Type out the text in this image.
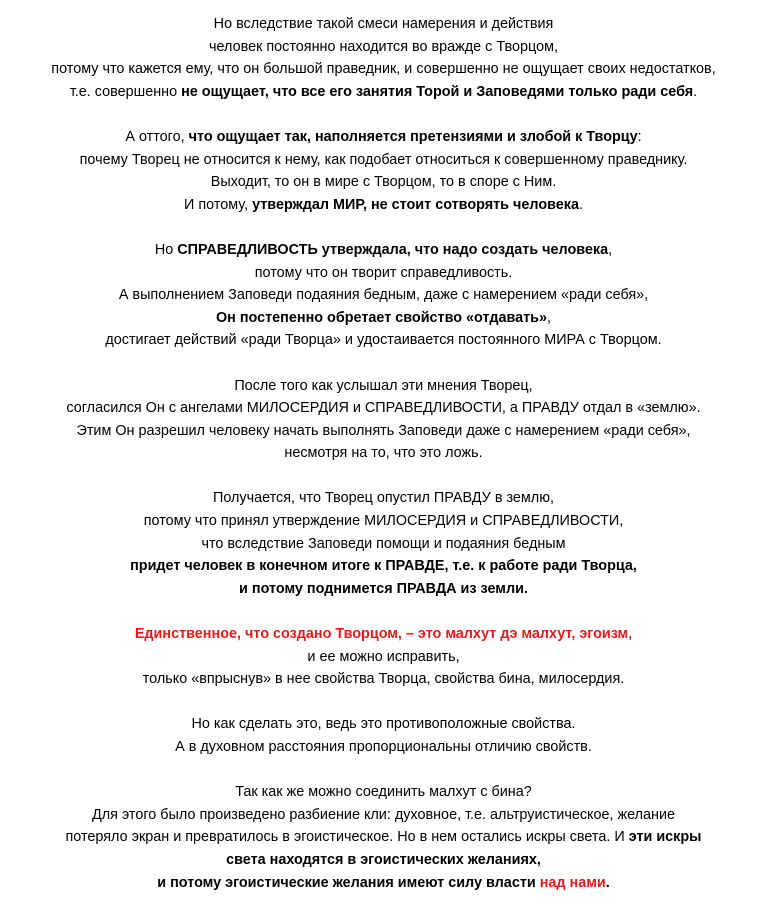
Но вследствие такой смеси намерения и действия
человек постоянно находится во вражде с Творцом,
потому что кажется ему, что он большой праведник, и совершенно не ощущает своих недостатков,
т.е. совершенно не ощущает, что все его занятия Торой и Заповедями только ради себя.
А оттого, что ощущает так, наполняется претензиями и злобой к Творцу:
почему Творец не относится к нему, как подобает относиться к совершенному праведнику.
Выходит, то он в мире с Творцом, то в споре с Ним.
И потому, утверждал МИР, не стоит сотворять человека.
Но СПРАВЕДЛИВОСТЬ утверждала, что надо создать человека,
потому что он творит справедливость.
А выполнением Заповеди подаяния бедным, даже с намерением «ради себя»,
Он постепенно обретает свойство «отдавать»,
достигает действий «ради Творца» и удостаивается постоянного МИРА с Творцом.
После того как услышал эти мнения Творец,
согласился Он с ангелами МИЛОСЕРДИЯ и СПРАВЕДЛИВОСТИ, а ПРАВДУ отдал в «землю».
Этим Он разрешил человеку начать выполнять Заповеди даже с намерением «ради себя»,
несмотря на то, что это ложь.
Получается, что Творец опустил ПРАВДУ в землю,
потому что принял утверждение МИЛОСЕРДИЯ и СПРАВЕДЛИВОСТИ,
что вследствие Заповеди помощи и подаяния бедным
придет человек в конечном итоге к ПРАВДЕ, т.е. к работе ради Творца,
и потому поднимется ПРАВДА из земли.
Единственное, что создано Творцом, – это малхут дэ малхут, эгоизм,
и ее можно исправить,
только «впрыснув» в нее свойства Творца, свойства бина, милосердия.
Но как сделать это, ведь это противоположные свойства.
А в духовном расстояния пропорциональны отличию свойств.
Так как же можно соединить малхут с бина?
Для этого было произведено разбиение кли: духовное, т.е. альтруистическое, желание
потеряло экран и превратилось в эгоистическое. Но в нем остались искры света. И эти искры
света находятся в эгоистических желаниях,
и потому эгоистические желания имеют силу власти над нами.
